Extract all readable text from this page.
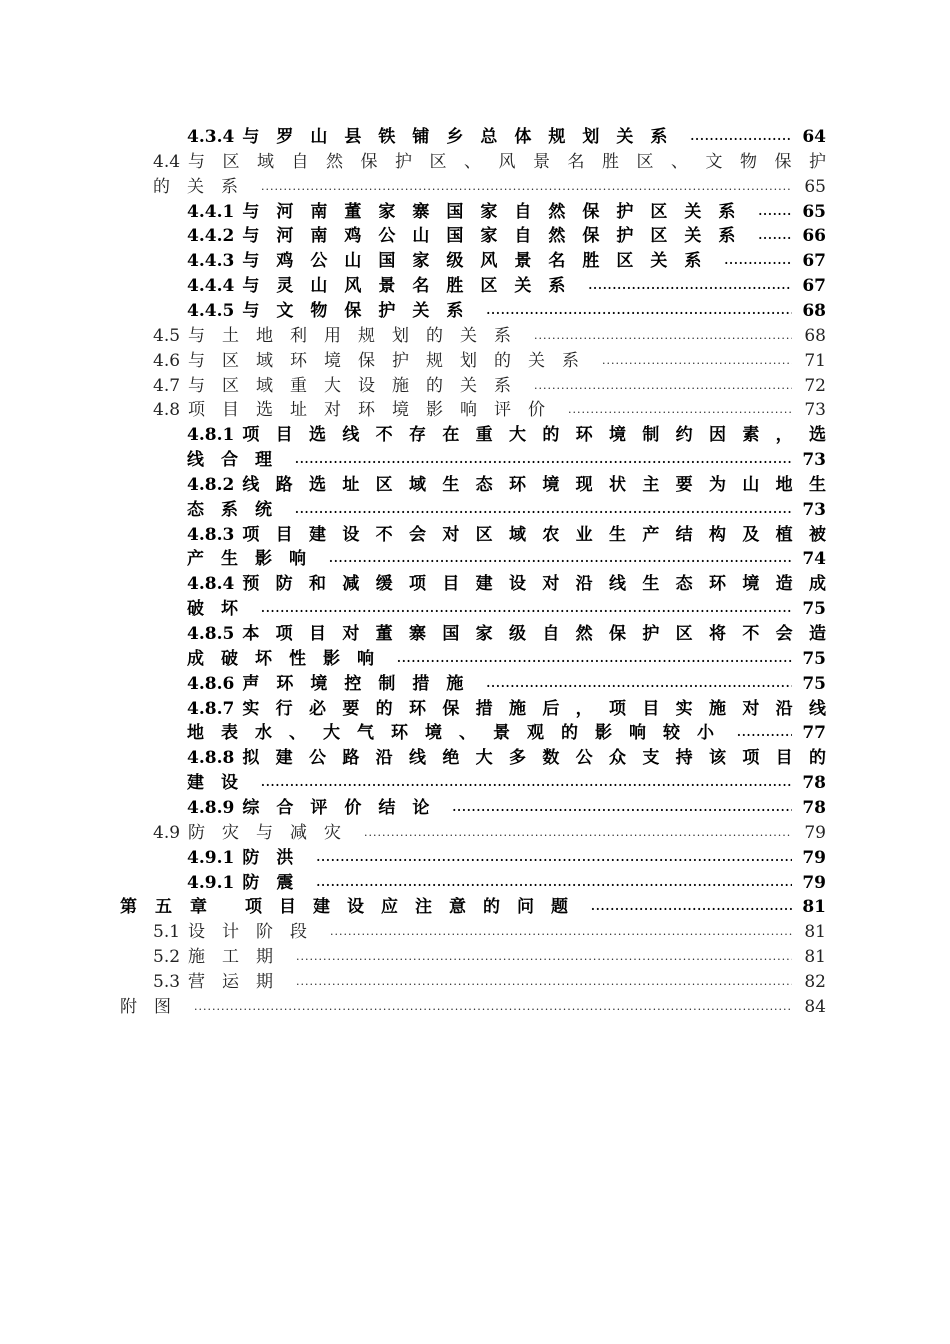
4.3.4 与罗山县铁铺乡总体规划关系 .....	64
4.4 与区域自然保护区、风景名胜区、文物保护
的关系 .....	65
4.4.1 与河南董家寨国家自然保护区关系 .....	65
4.4.2 与河南鸡公山国家自然保护区关系 .....	66
4.4.3 与鸡公山国家级风景名胜区关系 .....	67
4.4.4 与灵山风景名胜区关系 .....	67
4.4.5 与文物保护关系 .....	68
4.5 与土地利用规划的关系 .....	68
4.6 与区域环境保护规划的关系 .....	71
4.7 与区域重大设施的关系 .....	72
4.8 项目选址对环境影响评价 .....	73
4.8.1 项目选线不存在重大的环境制约因素，选
线合理 .....	73
4.8.2 线路选址区域生态环境现状主要为山地生
态系统 .....	73
4.8.3 项目建设不会对区域农业生产结构及植被
产生影响 .....	74
4.8.4 预防和减缓项目建设对沿线生态环境造成
破坏 .....	75
4.8.5 本项目对董寨国家级自然保护区将不会造
成破坏性影响 .....	75
4.8.6 声环境控制措施 .....	75
4.8.7 实行必要的环保措施后，项目实施对沿线
地表水、大气环境、景观的影响较小 .....	77
4.8.8 拟建公路沿线绝大多数公众支持该项目的
建设 .....	78
4.8.9 综合评价结论 .....	78
4.9 防灾与减灾 .....	79
4.9.1 防洪 .....	79
4.9.1 防震 .....	79
第五章 项目建设应注意的问题 .....	81
5.1 设计阶段 .....	81
5.2 施工期 .....	81
5.3 营运期 .....	82
附图 .....	84
